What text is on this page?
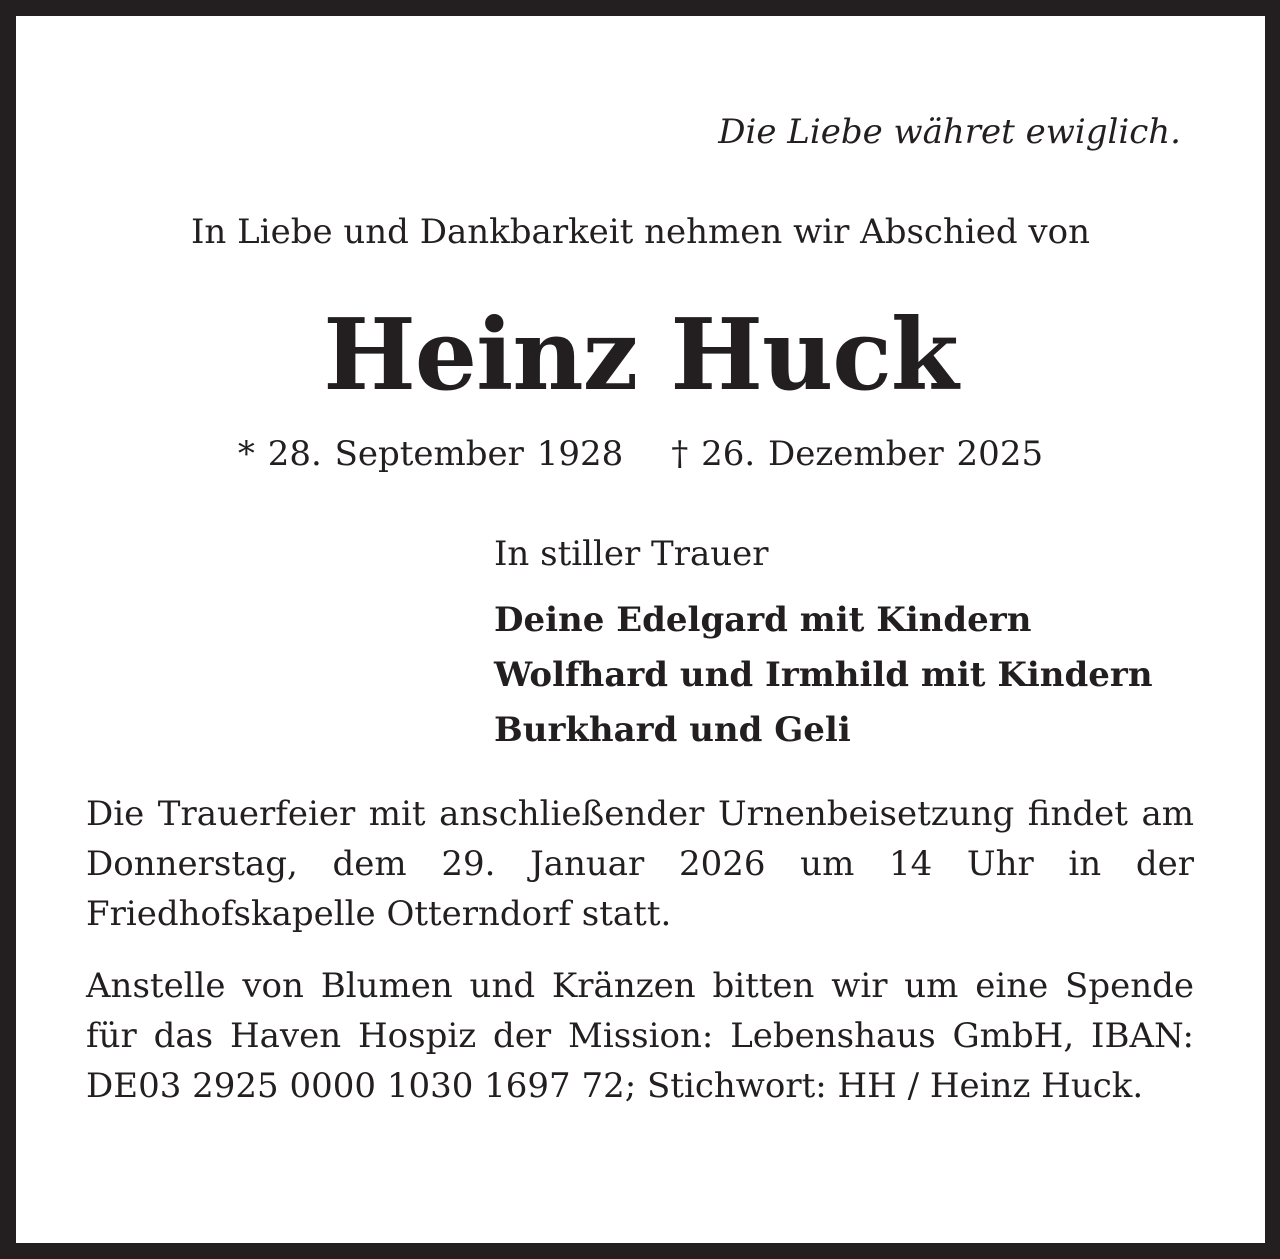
Die Liebe währet ewiglich.
In Liebe und Dankbarkeit nehmen wir Abschied von
Heinz Huck
* 28. September 1928 † 26. Dezember 2025
In stiller Trauer
Deine Edelgard mit Kindern
Wolfhard und Irmhild mit Kindern
Burkhard und Geli
Die Trauerfeier mit anschließender Urnenbeisetzung findet am Donnerstag, dem 29. Januar 2026 um 14 Uhr in der Friedhofskapelle Otterndorf statt.
Anstelle von Blumen und Kränzen bitten wir um eine Spende für das Haven Hospiz der Mission: Lebenshaus GmbH, IBAN: DE03 2925 0000 1030 1697 72; Stichwort: HH / Heinz Huck.
